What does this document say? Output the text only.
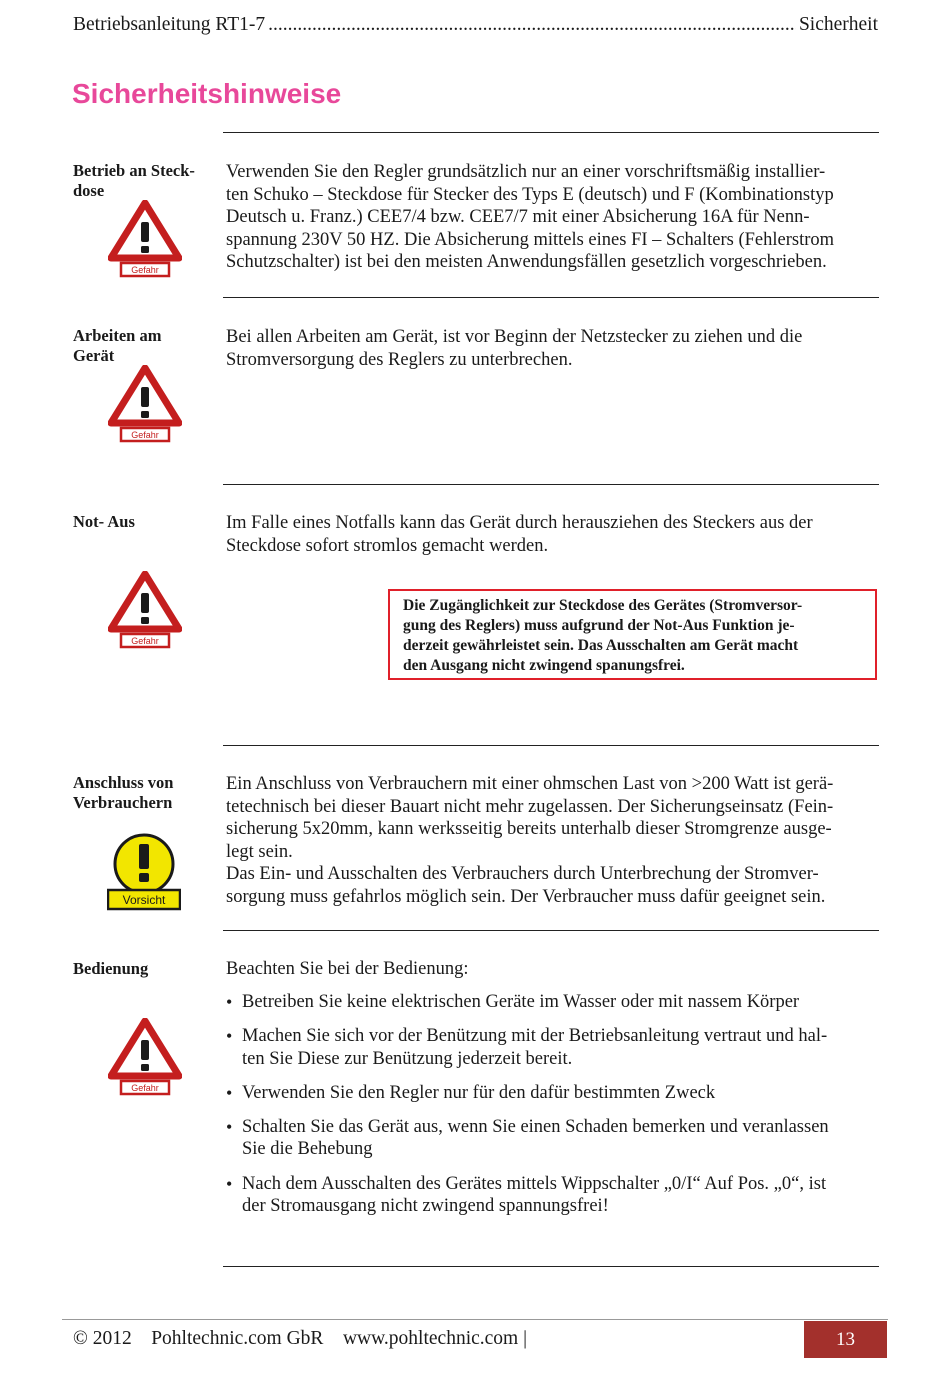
Betriebsanleitung RT1-7
.....	Sicherheit
Sicherheitshinweise
Betrieb an Steck-
dose
Gefahr

Verwenden Sie den Regler grundsätzlich nur an einer vorschriftsmäßig installier-
ten Schuko – Steckdose für Stecker des Typs E (deutsch) und F (Kombinationstyp
Deutsch u. Franz.) CEE7/4 bzw. CEE7/7 mit einer Absicherung 16A für Nenn-
spannung 230V 50 HZ. Die Absicherung mittels eines FI – Schalters (Fehlerstrom
Schutzschalter) ist bei den meisten Anwendungsfällen gesetzlich vorgeschrieben.

Arbeiten am
Gerät
Gefahr

Bei allen Arbeiten am Gerät, ist vor Beginn der Netzstecker zu ziehen und die
Stromversorgung des Reglers zu unterbrechen.

Not- Aus
Gefahr

Im Falle eines Notfalls kann das Gerät durch herausziehen des Steckers aus der
Steckdose sofort stromlos gemacht werden.

Die Zugänglichkeit zur Steckdose des Gerätes (Stromversor-
gung des Reglers) muss aufgrund der Not-Aus Funktion je-
derzeit gewährleistet sein. Das Ausschalten am Gerät macht
den Ausgang nicht zwingend spanungsfrei.
Anschluss von
Verbrauchern
Vorsicht

Ein Anschluss von Verbrauchern mit einer ohmschen Last von >200 Watt ist gerä-
tetechnisch bei dieser Bauart nicht mehr zugelassen. Der Sicherungseinsatz (Fein-
sicherung 5x20mm, kann werksseitig bereits unterhalb dieser Stromgrenze ausge-
legt sein.
Das Ein- und Ausschalten des Verbrauchers durch Unterbrechung der Stromver-
sorgung muss gefahrlos möglich sein. Der Verbraucher muss dafür geeignet sein.

Bedienung
Gefahr

Beachten Sie bei der Bedienung:

• Betreiben Sie keine elektrischen Geräte im Wasser oder mit nassem Körper
• Machen Sie sich vor der Benützung mit der Betriebsanleitung vertraut und hal-
ten Sie Diese zur Benützung jederzeit bereit.
• Verwenden Sie den Regler nur für den dafür bestimmten Zweck
• Schalten Sie das Gerät aus, wenn Sie einen Schaden bemerken und veranlassen
Sie die Behebung
• Nach dem Ausschalten des Gerätes mittels Wippschalter „0/I“ Auf Pos. „0“, ist
der Stromausgang nicht zwingend spannungsfrei!
© 2012 Pohltechnic.com GbR www.pohltechnic.com |	13
